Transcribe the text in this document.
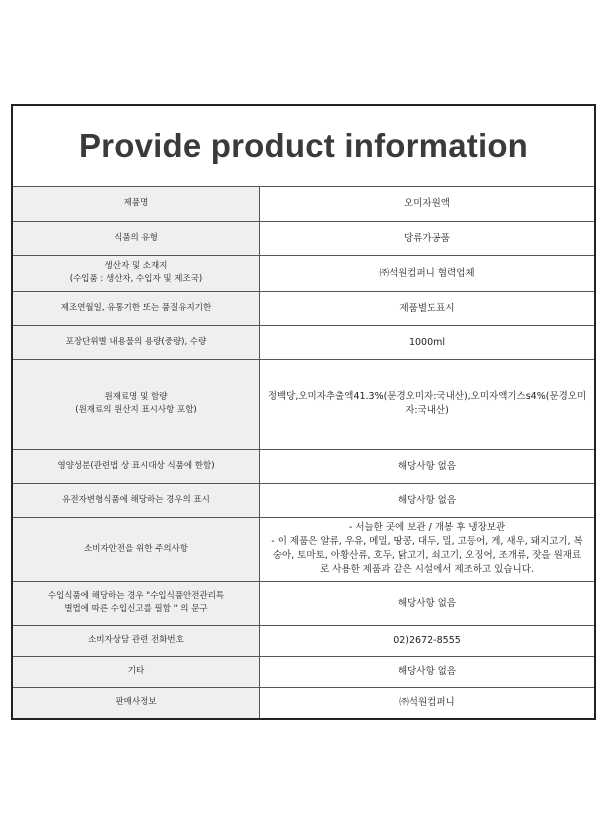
Provide product information
제품명	오미자원액

식품의 유형	당류가공품

생산자 및 소재지
(수입품 : 생산자, 수입자 및 제조국)	㈜석원컴퍼니 협력업체

제조연월일, 유통기한 또는 품질유지기한	제품별도표시

포장단위별 내용물의 용량(중량), 수량	1000ml

원재료명 및 함량
(원재료의 원산지 표시사항 포함)	정백당,오미자추출액41.3%(문경오미자:국내산),오미자액기스s4%(문경오미
자:국내산)

영양성분(관련법 상 표시대상 식품에 한함)	해당사항 없음

유전자변형식품에 해당하는 경우의 표시	해당사항 없음

소비자안전을 위한 주의사항	- 서늘한 곳에 보관 / 개봉 후 냉장보관
- 이 제품은 알류, 우유, 메밀, 땅콩, 대두, 밀, 고등어, 게, 새우, 돼지고기, 복
숭아, 토마토, 아황산류, 호두, 닭고기, 쇠고기, 오징어, 조개류, 잣을 원재료
로 사용한 제품과 같은 시설에서 제조하고 있습니다.

수입식품에 해당하는 경우 "수입식품안전관리특
별법에 따른 수입신고를 필함 " 의 문구	해당사항 없음

소비자상담 관련 전화번호	02)2672-8555

기타	해당사항 없음

판매사정보	㈜석원컴퍼니
